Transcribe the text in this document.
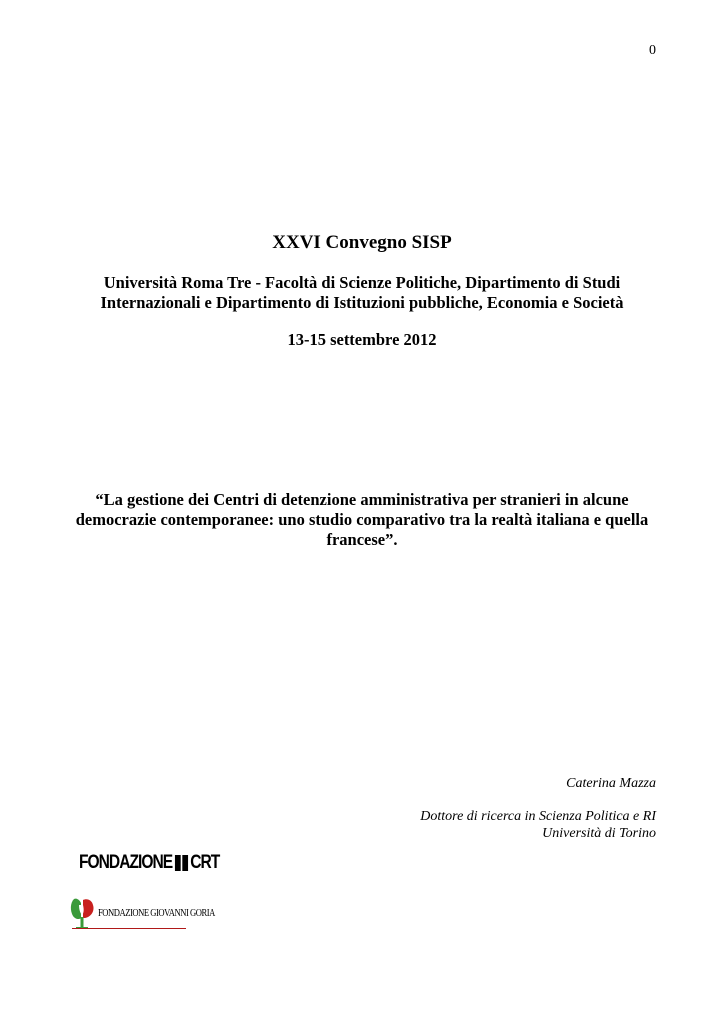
0
XXVI Convegno SISP
Università Roma Tre - Facoltà di Scienze Politiche, Dipartimento di Studi
Internazionali e Dipartimento di Istituzioni pubbliche, Economia e Società
13-15 settembre 2012
“La gestione dei Centri di detenzione amministrativa per stranieri in alcune
democrazie contemporanee: uno studio comparativo tra la realtà italiana e quella
francese”.
Caterina Mazza
Dottore di ricerca in Scienza Politica e RI
Università di Torino
FONDAZIONE CRT
FONDAZIONE GIOVANNI GORIA
